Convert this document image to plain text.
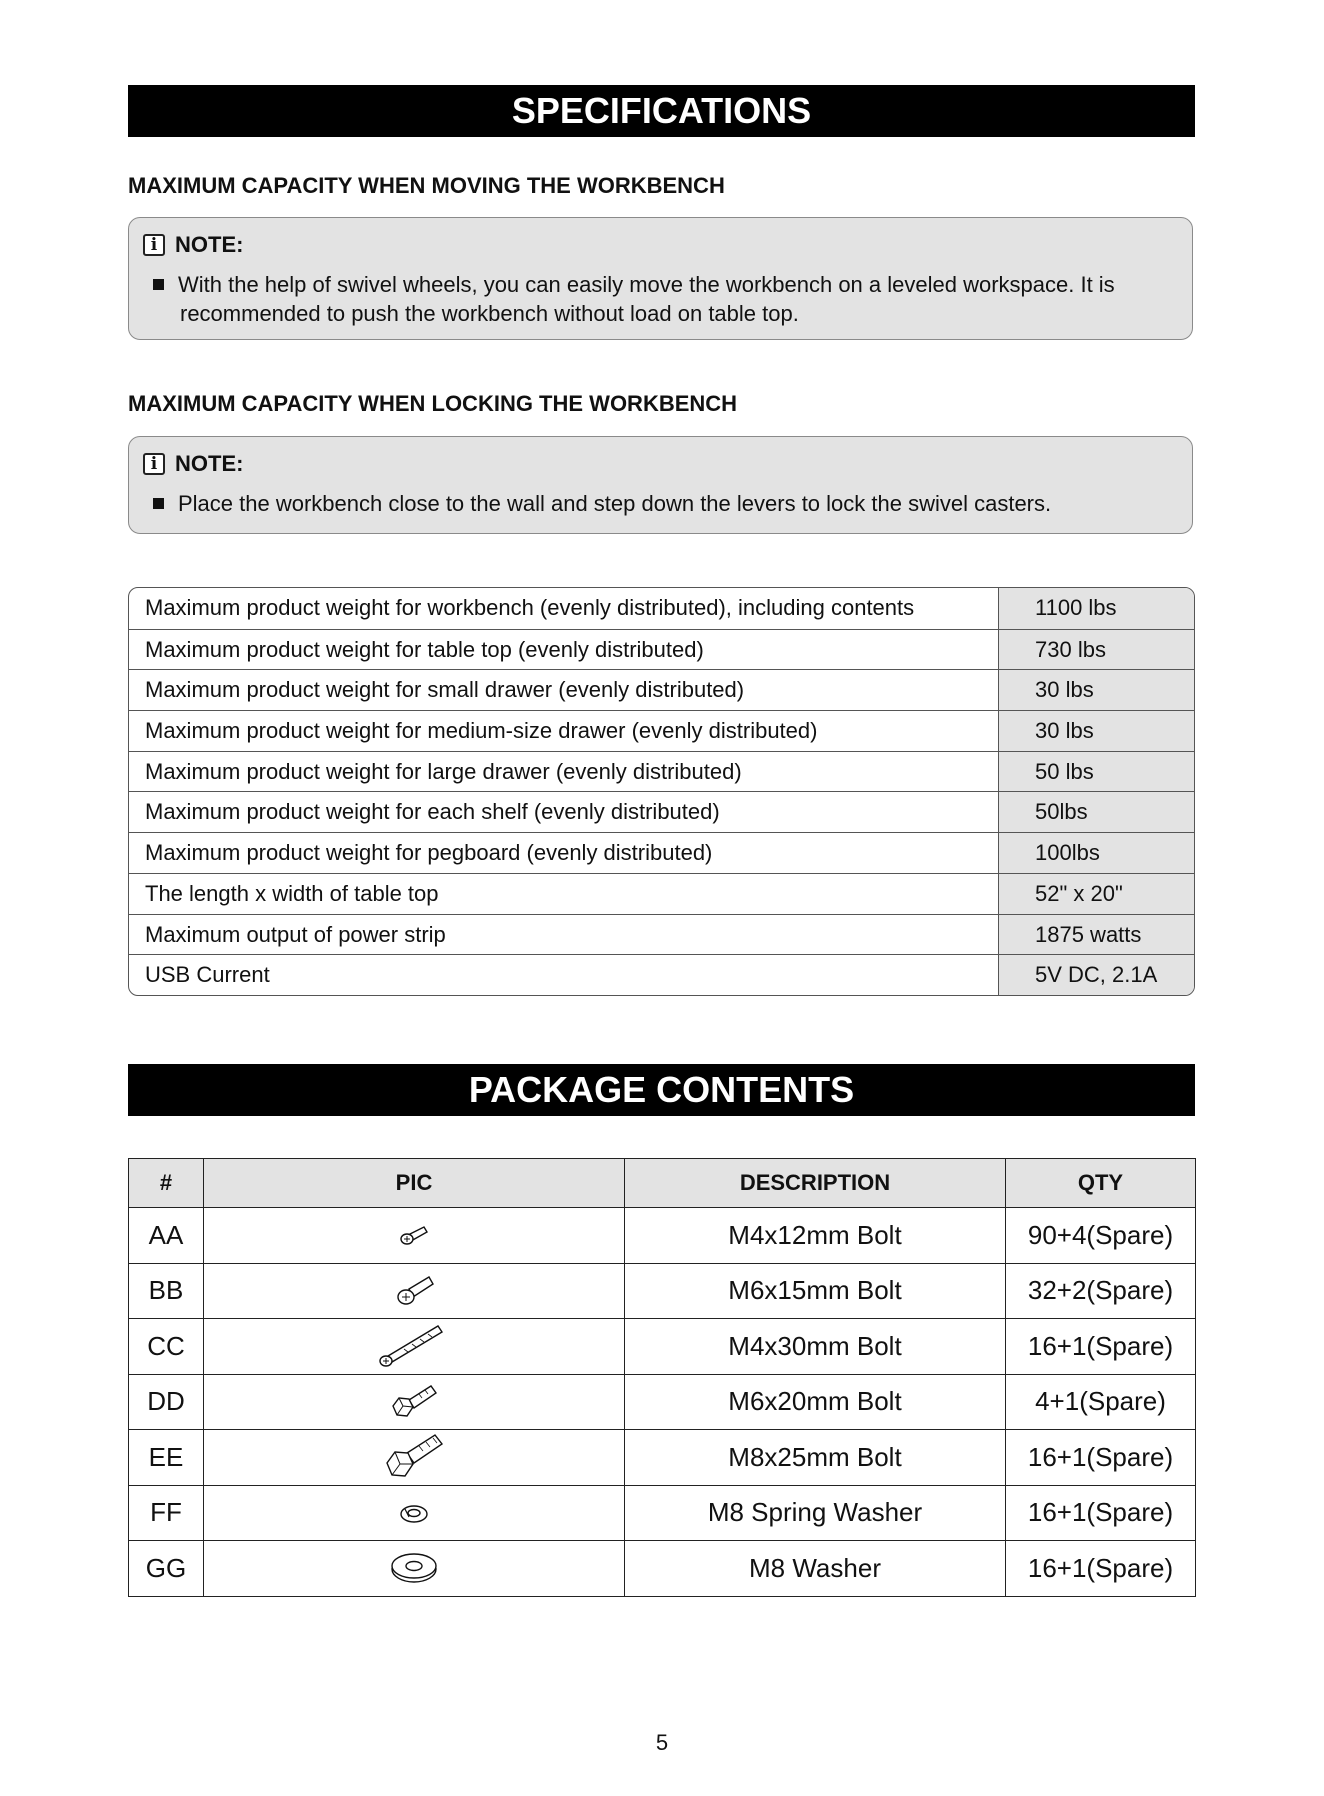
SPECIFICATIONS
MAXIMUM CAPACITY WHEN MOVING THE WORKBENCH
i NOTE:
With the help of swivel wheels, you can easily move the workbench on a leveled workspace. It is
recommended to push the workbench without load on table top.
MAXIMUM CAPACITY WHEN LOCKING THE WORKBENCH
i NOTE:
Place the workbench close to the wall and step down the levers to lock the swivel casters.
Maximum product weight for workbench (evenly distributed), including contents	1100 lbs
Maximum product weight for table top (evenly distributed)	730 lbs
Maximum product weight for small drawer (evenly distributed)	30 lbs
Maximum product weight for medium-size drawer (evenly distributed)	30 lbs
Maximum product weight for large drawer (evenly distributed)	50 lbs
Maximum product weight for each shelf (evenly distributed)	50lbs
Maximum product weight for pegboard (evenly distributed)	100lbs
The length x width of table top	52" x 20"
Maximum output of power strip	1875 watts
USB Current	5V DC, 2.1A
PACKAGE CONTENTS
#	PIC	DESCRIPTION	QTY
AA		M4x12mm Bolt	90+4(Spare)
BB		M6x15mm Bolt	32+2(Spare)
CC		M4x30mm Bolt	16+1(Spare)
DD		M6x20mm Bolt	4+1(Spare)
EE		M8x25mm Bolt	16+1(Spare)
FF		M8 Spring Washer	16+1(Spare)
GG		M8 Washer	16+1(Spare)
5
